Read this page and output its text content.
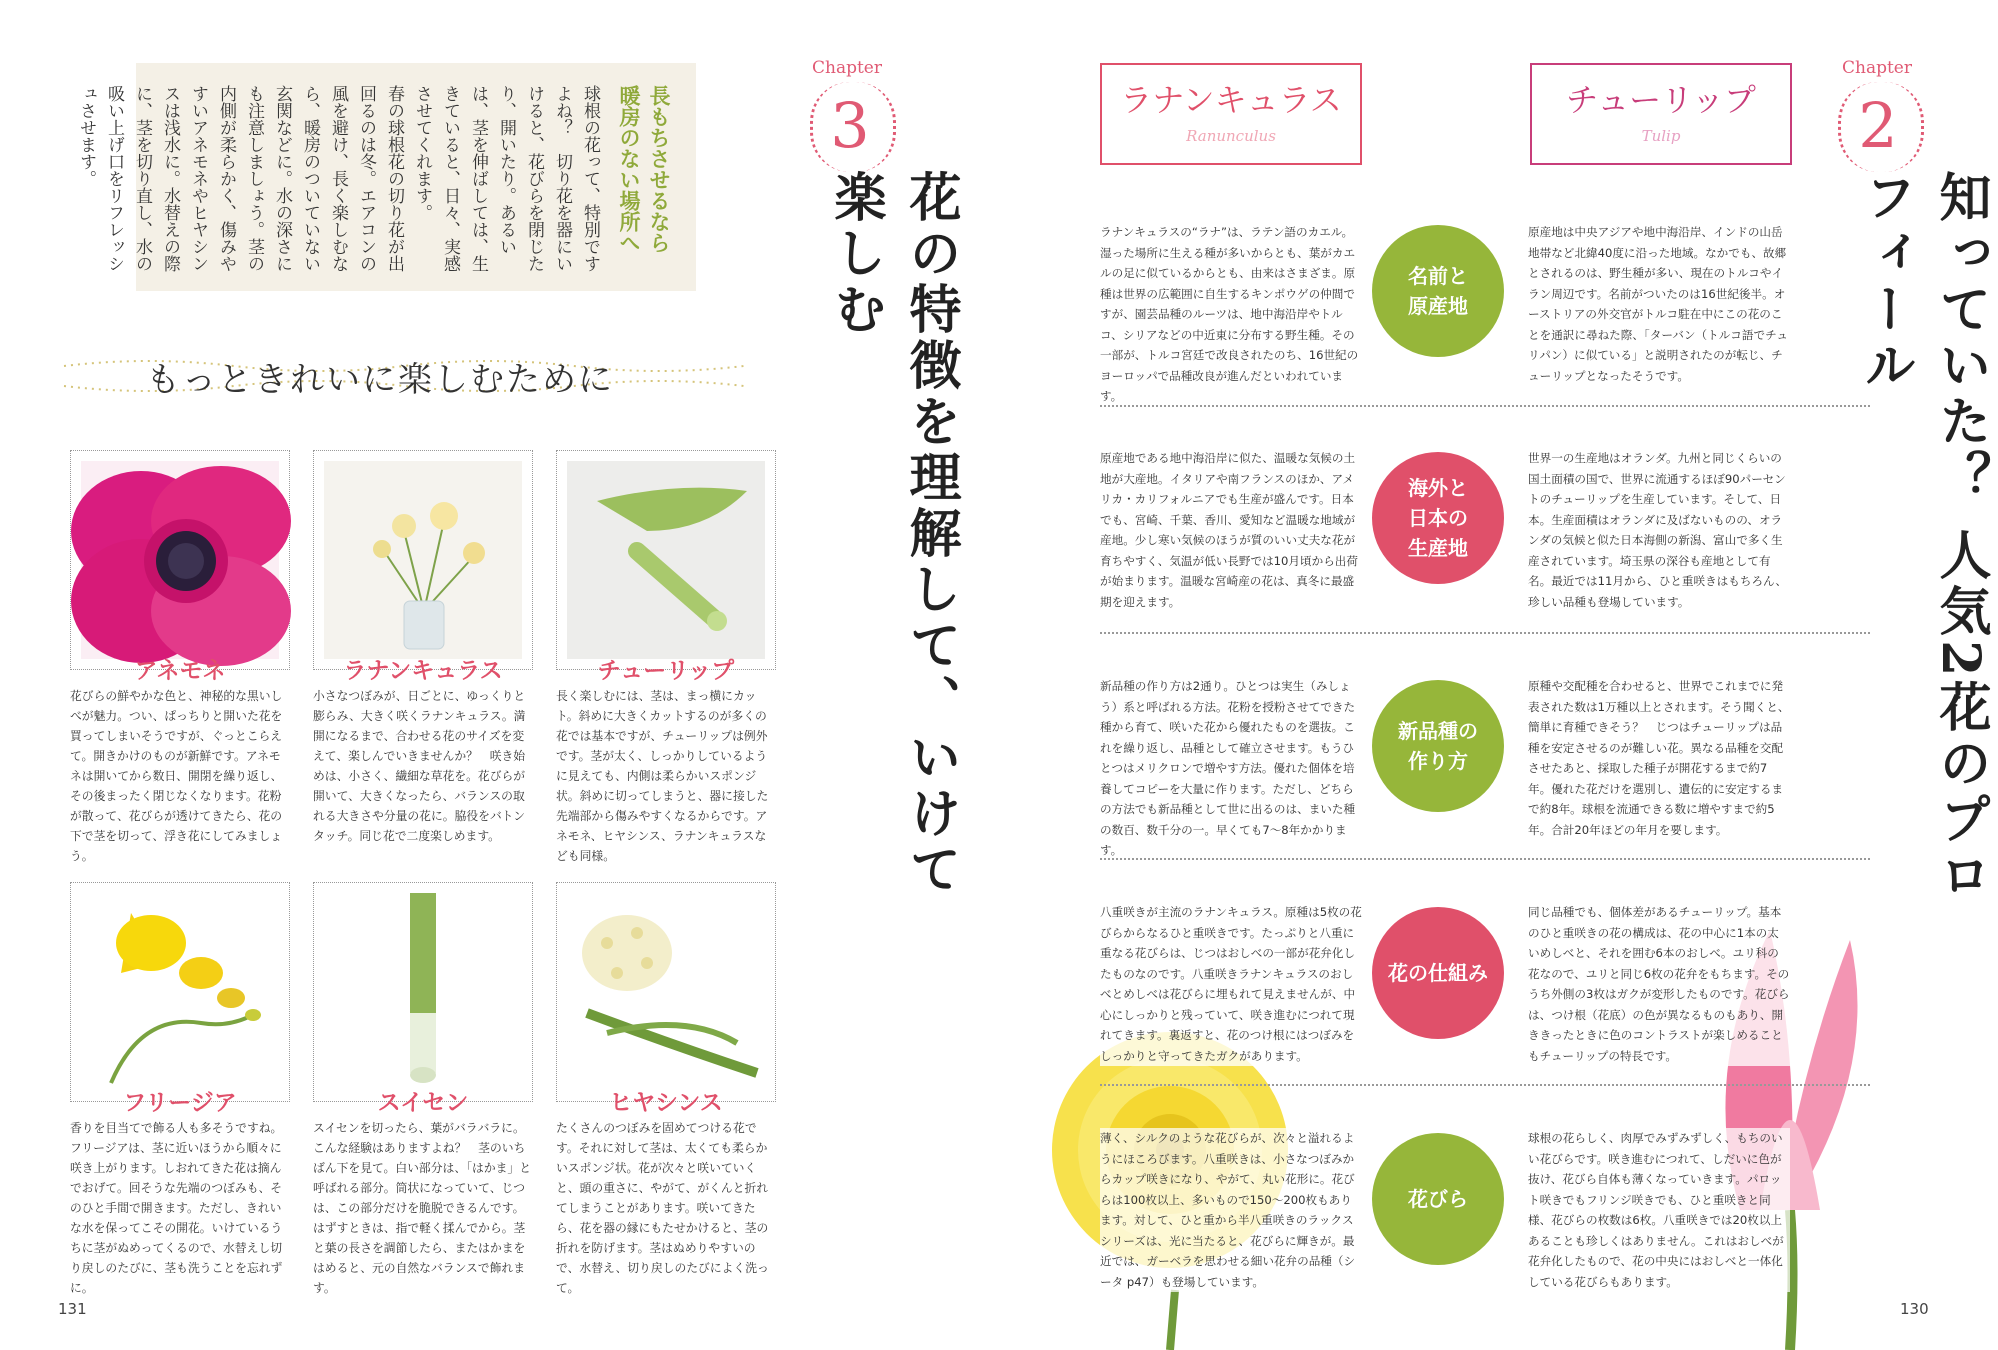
長もちさせるなら
暖房のない場所へ
球根の花って、特別ですよね？　切り花を器にいけると、花びらを閉じたり、開いたり。あるいは、茎を伸ばしては、生きていると、日々、実感させてくれます。
春の球根花の切り花が出回るのは冬。エアコンの風を避け、長く楽しむなら、暖房のついていない玄関などに。水の深さにも注意しましょう。茎の内側が柔らかく、傷みやすいアネモネやヒヤシンスは浅水に。水替えの際に、茎を切り直し、水の吸い上げ口をリフレッシュさせます。
もっときれいに楽しむために
アネモネ
花びらの鮮やかな色と、神秘的な黒いしべが魅力。つい、ぱっちりと開いた花を買ってしまいそうですが、ぐっとこらえて。開きかけのものが新鮮です。アネモネは開いてから数日、開閉を繰り返し、その後まったく閉じなくなります。花粉が散って、花びらが透けてきたら、花の下で茎を切って、浮き花にしてみましょう。
ラナンキュラス
小さなつぼみが、日ごとに、ゆっくりと膨らみ、大きく咲くラナンキュラス。満開になるまで、合わせる花のサイズを変えて、楽しんでいきませんか？　咲き始めは、小さく、繊細な草花を。花びらが開いて、大きくなったら、バランスの取れる大きさや分量の花に。脇役をバトンタッチ。同じ花で二度楽しめます。
チューリップ
長く楽しむには、茎は、まっ横にカット。斜めに大きくカットするのが多くの花では基本ですが、チューリップは例外です。茎が太く、しっかりしているように見えても、内側は柔らかいスポンジ状。斜めに切ってしまうと、器に接した先端部から傷みやすくなるからです。アネモネ、ヒヤシンス、ラナンキュラスなども同様。
フリージア
香りを目当てで飾る人も多そうですね。フリージアは、茎に近いほうから順々に咲き上がります。しおれてきた花は摘んでおげて。回そうな先端のつぼみも、そのひと手間で開きます。ただし、きれいな水を保ってこその開花。いけているうちに茎がぬめってくるので、水替えし切り戻しのたびに、茎も洗うことを忘れずに。
スイセン
スイセンを切ったら、葉がバラバラに。こんな経験はありますよね？　茎のいちばん下を見て。白い部分は、「はかま」と呼ばれる部分。筒状になっていて、じつは、この部分だけを脆脱できるんです。はずすときは、指で軽く揉んでから。茎と葉の長さを調節したら、またはかまをはめると、元の自然なバランスで飾れます。
ヒヤシンス
たくさんのつぼみを固めてつける花です。それに対して茎は、太くても柔らかいスポンジ状。花が次々と咲いていくと、頭の重さに、やがて、がくんと折れてしまうことがあります。咲いてきたら、花を器の縁にもたせかけると、茎の折れを防げます。茎はぬめりやすいので、水替え、切り戻しのたびによく洗って。
131
Chapter
3
花の特徴を理解して、いけて楽しむ
ラナンキュラス
Ranunculus
チューリップ
Tulip
Chapter
2
知っていた？ 人気2花のプロフィール
ラナンキュラスの“ラナ”は、ラテン語のカエル。湿った場所に生える種が多いからとも、葉がカエルの足に似ているからとも、由来はさまざま。原種は世界の広範囲に自生するキンポウゲの仲間ですが、園芸品種のルーツは、地中海沿岸やトルコ、シリアなどの中近東に分布する野生種。その一部が、トルコ宮廷で改良されたのち、16世紀のヨーロッパで品種改良が進んだといわれています。
名前と
原産地
原産地は中央アジアや地中海沿岸、インドの山岳地帯など北緯40度に沿った地域。なかでも、故郷とされるのは、野生種が多い、現在のトルコやイラン周辺です。名前がついたのは16世紀後半。オーストリアの外交官がトルコ駐在中にこの花のことを通訳に尋ねた際、「ターバン（トルコ語でチュリパン）に似ている」と説明されたのが転じ、チューリップとなったそうです。
原産地である地中海沿岸に似た、温暖な気候の土地が大産地。イタリアや南フランスのほか、アメリカ・カリフォルニアでも生産が盛んです。日本でも、宮崎、千葉、香川、愛知など温暖な地域が産地。少し寒い気候のほうが質のいい丈夫な花が育ちやすく、気温が低い長野では10月頃から出荷が始まります。温暖な宮崎産の花は、真冬に最盛期を迎えます。
海外と
日本の
生産地
世界一の生産地はオランダ。九州と同じくらいの国土面積の国で、世界に流通するほぼ90パーセントのチューリップを生産しています。そして、日本。生産面積はオランダに及ばないものの、オランダの気候と似た日本海側の新潟、富山で多く生産されています。埼玉県の深谷も産地として有名。最近では11月から、ひと重咲きはもちろん、珍しい品種も登場しています。
新品種の作り方は2通り。ひとつは実生（みしょう）系と呼ばれる方法。花粉を授粉させてできた種から育て、咲いた花から優れたものを選抜。これを繰り返し、品種として確立させます。もうひとつはメリクロンで増やす方法。優れた個体を培養してコピーを大量に作ります。ただし、どちらの方法でも新品種として世に出るのは、まいた種の数百、数千分の一。早くても7〜8年かかります。
新品種の
作り方
原種や交配種を合わせると、世界でこれまでに発表された数は1万種以上とされます。そう聞くと、簡単に育種できそう？　じつはチューリップは品種を安定させるのが難しい花。異なる品種を交配させたあと、採取した種子が開花するまで約7年。優れた花だけを選別し、遺伝的に安定するまで約8年。球根を流通できる数に増やすまで約5年。合計20年ほどの年月を要します。
八重咲きが主流のラナンキュラス。原種は5枚の花びらからなるひと重咲きです。たっぷりと八重に重なる花びらは、じつはおしべの一部が花弁化したものなのです。八重咲きラナンキュラスのおしべとめしべは花びらに埋もれて見えませんが、中心にしっかりと残っていて、咲き進むにつれて現れてきます。裏返すと、花のつけ根にはつぼみをしっかりと守ってきたガクがあります。
花の仕組み
同じ品種でも、個体差があるチューリップ。基本のひと重咲きの花の構成は、花の中心に1本の太いめしべと、それを囲む6本のおしべ。ユリ科の花なので、ユリと同じ6枚の花弁をもちます。そのうち外側の3枚はガクが変形したものです。花びらは、つけ根（花底）の色が異なるものもあり、開ききったときに色のコントラストが楽しめることもチューリップの特長です。
薄く、シルクのような花びらが、次々と溢れるようにほころびます。八重咲きは、小さなつぼみからカップ咲きになり、やがて、丸い花形に。花びらは100枚以上、多いもので150〜200枚もあります。対して、ひと重から半八重咲きのラックスシリーズは、光に当たると、花びらに輝きが。最近では、ガーベラを思わせる細い花弁の品種（シータ p47）も登場しています。
花びら
球根の花らしく、肉厚でみずみずしく、もちのいい花びらです。咲き進むにつれて、しだいに色が抜け、花びら自体も薄くなっていきます。パロット咲きでもフリンジ咲きでも、ひと重咲きと同様、花びらの枚数は6枚。八重咲きでは20枚以上あることも珍しくはありません。これはおしべが花弁化したもので、花の中央にはおしべと一体化している花びらもあります。
130
